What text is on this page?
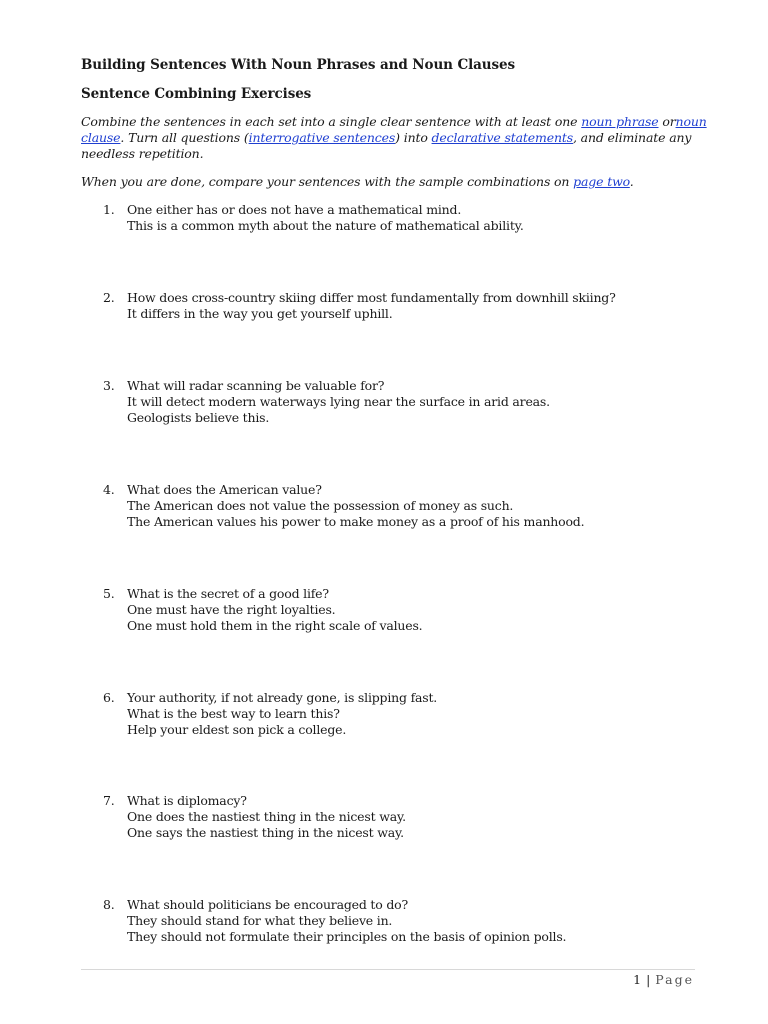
Building Sentences With Noun Phrases and Noun Clauses
Sentence Combining Exercises

Combine the sentences in each set into a single clear sentence with at least one noun phrase ornoun clause. Turn all questions (interrogative sentences) into declarative statements, and eliminate any needless repetition.

When you are done, compare your sentences with the sample combinations on page two.

1. One either has or does not have a mathematical mind.
This is a common myth about the nature of mathematical ability.
2. How does cross-country skiing differ most fundamentally from downhill skiing?
It differs in the way you get yourself uphill.
3. What will radar scanning be valuable for?
It will detect modern waterways lying near the surface in arid areas.
Geologists believe this.
4. What does the American value?
The American does not value the possession of money as such.
The American values his power to make money as a proof of his manhood.
5. What is the secret of a good life?
One must have the right loyalties.
One must hold them in the right scale of values.
6. Your authority, if not already gone, is slipping fast.
What is the best way to learn this?
Help your eldest son pick a college.
7. What is diplomacy?
One does the nastiest thing in the nicest way.
One says the nastiest thing in the nicest way.
8. What should politicians be encouraged to do?
They should stand for what they believe in.
They should not formulate their principles on the basis of opinion polls.
1 | Page
